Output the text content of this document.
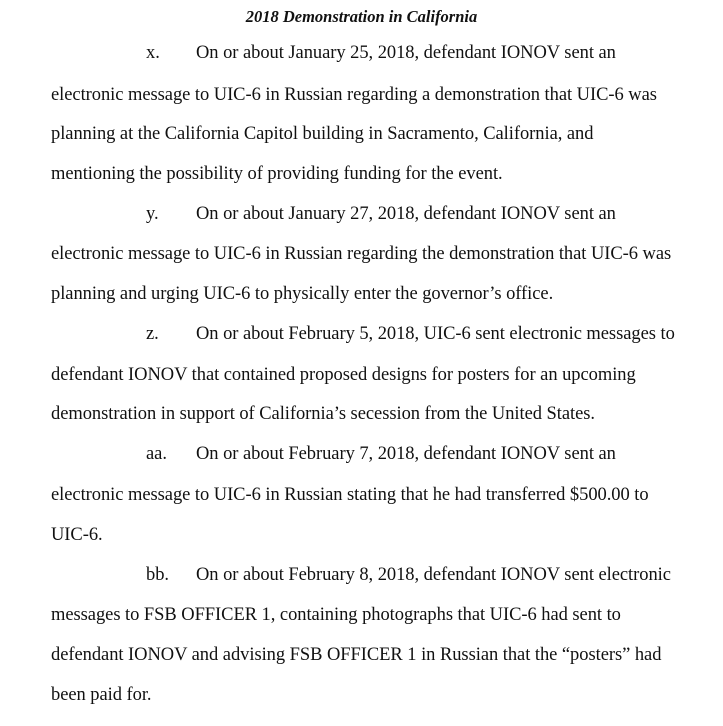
2018 Demonstration in California
x. On or about January 25, 2018, defendant IONOV sent an
electronic message to UIC-6 in Russian regarding a demonstration that UIC-6 was
planning at the California Capitol building in Sacramento, California, and
mentioning the possibility of providing funding for the event.
y. On or about January 27, 2018, defendant IONOV sent an
electronic message to UIC-6 in Russian regarding the demonstration that UIC-6 was
planning and urging UIC-6 to physically enter the governor’s office.
z. On or about February 5, 2018, UIC-6 sent electronic messages to
defendant IONOV that contained proposed designs for posters for an upcoming
demonstration in support of California’s secession from the United States.
aa. On or about February 7, 2018, defendant IONOV sent an
electronic message to UIC-6 in Russian stating that he had transferred $500.00 to
UIC-6.
bb. On or about February 8, 2018, defendant IONOV sent electronic
messages to FSB OFFICER 1, containing photographs that UIC-6 had sent to
defendant IONOV and advising FSB OFFICER 1 in Russian that the “posters” had
been paid for.
